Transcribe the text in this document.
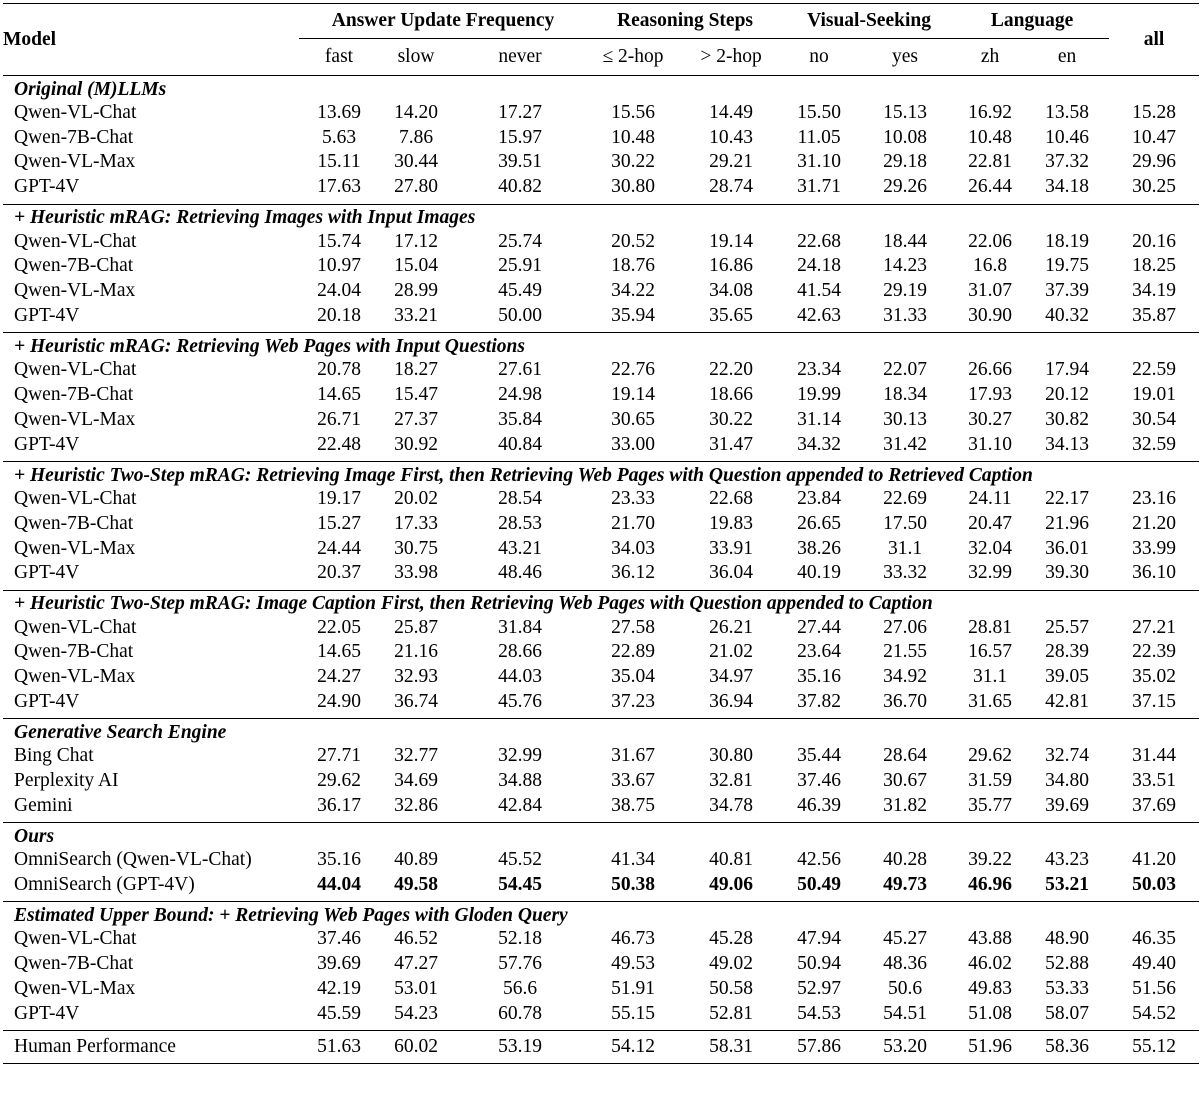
Model	Answer Update Frequency			Reasoning Steps		Visual-Seeking		Language		all
	fast	slow	never	≤ 2-hop	> 2-hop	no	yes	zh	en	
Original (M)LLMs										
Qwen-VL-Chat	13.69	14.20	17.27	15.56	14.49	15.50	15.13	16.92	13.58	15.28
Qwen-7B-Chat	5.63	7.86	15.97	10.48	10.43	11.05	10.08	10.48	10.46	10.47
Qwen-VL-Max	15.11	30.44	39.51	30.22	29.21	31.10	29.18	22.81	37.32	29.96
GPT-4V	17.63	27.80	40.82	30.80	28.74	31.71	29.26	26.44	34.18	30.25

+ Heuristic mRAG: Retrieving Images with Input Images										
Qwen-VL-Chat	15.74	17.12	25.74	20.52	19.14	22.68	18.44	22.06	18.19	20.16
Qwen-7B-Chat	10.97	15.04	25.91	18.76	16.86	24.18	14.23	16.8	19.75	18.25
Qwen-VL-Max	24.04	28.99	45.49	34.22	34.08	41.54	29.19	31.07	37.39	34.19
GPT-4V	20.18	33.21	50.00	35.94	35.65	42.63	31.33	30.90	40.32	35.87

+ Heuristic mRAG: Retrieving Web Pages with Input Questions										
Qwen-VL-Chat	20.78	18.27	27.61	22.76	22.20	23.34	22.07	26.66	17.94	22.59
Qwen-7B-Chat	14.65	15.47	24.98	19.14	18.66	19.99	18.34	17.93	20.12	19.01
Qwen-VL-Max	26.71	27.37	35.84	30.65	30.22	31.14	30.13	30.27	30.82	30.54
GPT-4V	22.48	30.92	40.84	33.00	31.47	34.32	31.42	31.10	34.13	32.59

+ Heuristic Two-Step mRAG: Retrieving Image First, then Retrieving Web Pages with Question appended to Retrieved Caption										
Qwen-VL-Chat	19.17	20.02	28.54	23.33	22.68	23.84	22.69	24.11	22.17	23.16
Qwen-7B-Chat	15.27	17.33	28.53	21.70	19.83	26.65	17.50	20.47	21.96	21.20
Qwen-VL-Max	24.44	30.75	43.21	34.03	33.91	38.26	31.1	32.04	36.01	33.99
GPT-4V	20.37	33.98	48.46	36.12	36.04	40.19	33.32	32.99	39.30	36.10

+ Heuristic Two-Step mRAG: Image Caption First, then Retrieving Web Pages with Question appended to Caption										
Qwen-VL-Chat	22.05	25.87	31.84	27.58	26.21	27.44	27.06	28.81	25.57	27.21
Qwen-7B-Chat	14.65	21.16	28.66	22.89	21.02	23.64	21.55	16.57	28.39	22.39
Qwen-VL-Max	24.27	32.93	44.03	35.04	34.97	35.16	34.92	31.1	39.05	35.02
GPT-4V	24.90	36.74	45.76	37.23	36.94	37.82	36.70	31.65	42.81	37.15

Generative Search Engine										
Bing Chat	27.71	32.77	32.99	31.67	30.80	35.44	28.64	29.62	32.74	31.44
Perplexity AI	29.62	34.69	34.88	33.67	32.81	37.46	30.67	31.59	34.80	33.51
Gemini	36.17	32.86	42.84	38.75	34.78	46.39	31.82	35.77	39.69	37.69

Ours										
OmniSearch (Qwen-VL-Chat)	35.16	40.89	45.52	41.34	40.81	42.56	40.28	39.22	43.23	41.20
OmniSearch (GPT-4V)	44.04	49.58	54.45	50.38	49.06	50.49	49.73	46.96	53.21	50.03

Estimated Upper Bound: + Retrieving Web Pages with Gloden Query										
Qwen-VL-Chat	37.46	46.52	52.18	46.73	45.28	47.94	45.27	43.88	48.90	46.35
Qwen-7B-Chat	39.69	47.27	57.76	49.53	49.02	50.94	48.36	46.02	52.88	49.40
Qwen-VL-Max	42.19	53.01	56.6	51.91	50.58	52.97	50.6	49.83	53.33	51.56
GPT-4V	45.59	54.23	60.78	55.15	52.81	54.53	54.51	51.08	58.07	54.52

Human Performance	51.63	60.02	53.19	54.12	58.31	57.86	53.20	51.96	58.36	55.12
